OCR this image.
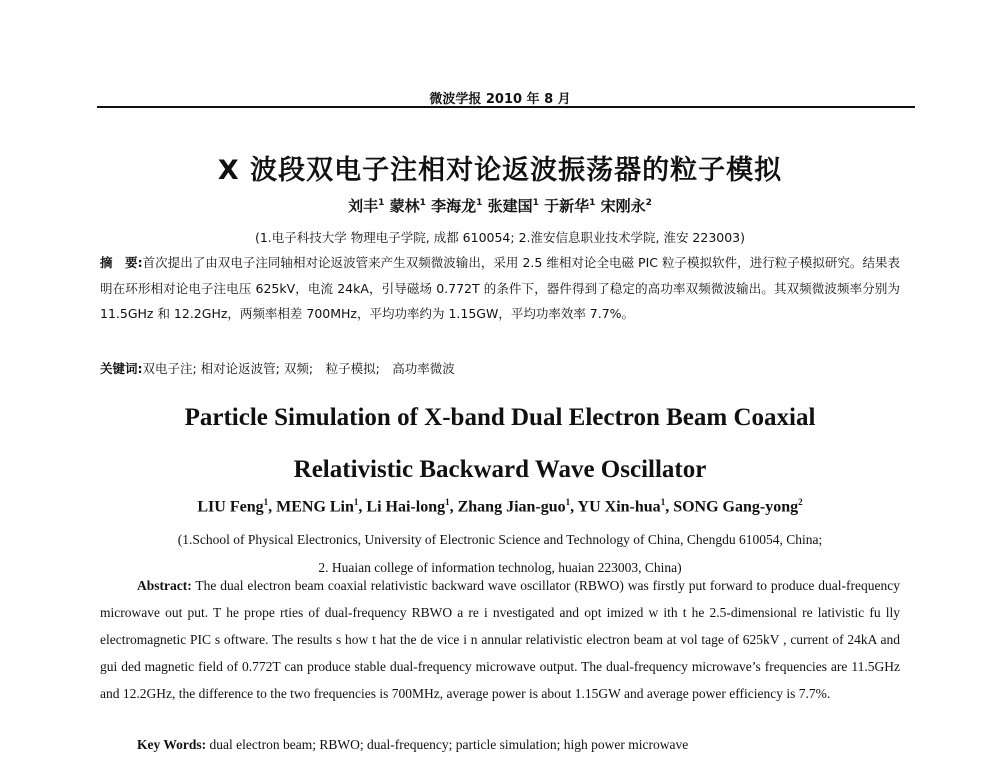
微波学报 2010 年 8 月
X 波段双电子注相对论返波振荡器的粒子模拟
刘丰$^1$ 蒙林$^1$ 李海龙$^1$ 张建国$^1$ 于新华$^1$ 宋刚永$^2$
(1.电子科技大学 物理电子学院, 成都 610054; 2.淮安信息职业技术学院, 淮安 223003)
摘　要:首次提出了由双电子注同轴相对论返波管来产生双频微波输出，采用 2.5 维相对论全电磁 PIC 粒子模拟软件，进行粒子模拟研究。结果表明在环形相对论电子注电压 625kV，电流 24kA，引导磁场 0.772T 的条件下，器件得到了稳定的高功率双频微波输出。其双频微波频率分别为 11.5GHz 和 12.2GHz，两频率相差 700MHz，平均功率约为 1.15GW，平均功率效率 7.7%。
关键词:双电子注; 相对论返波管; 双频;　粒子模拟;　高功率微波
Particle Simulation of X-band Dual Electron Beam Coaxial
Relativistic Backward Wave Oscillator
LIU Feng$^1$, MENG Lin$^1$, Li Hai-long$^1$, Zhang Jian-guo$^1$, YU Xin-hua$^1$, SONG Gang-yong$^2$
(1.School of Physical Electronics, University of Electronic Science and Technology of China, Chengdu 610054, China;
2. Huaian college of information technolog, huaian 223003, China)
Abstract: The dual electron beam coaxial relativistic backward wave oscillator (RBWO) was firstly put forward to produce dual-frequency microwave out put. T he prope rties of dual-frequency RBWO a re i nvestigated and opt imized w ith t he 2.5-dimensional re lativistic fu lly electromagnetic PIC s oftware. The results s how t hat the de vice i n annular relativistic electron beam at vol tage of 625kV , current of 24kA and gui ded magnetic field of 0.772T can produce stable dual-frequency microwave output. The dual-frequency microwave’s frequencies are 11.5GHz and 12.2GHz, the difference to the two frequencies is 700MHz, average power is about 1.15GW and average power efficiency is 7.7%.
Key Words: dual electron beam; RBWO; dual-frequency; particle simulation; high power microwave
